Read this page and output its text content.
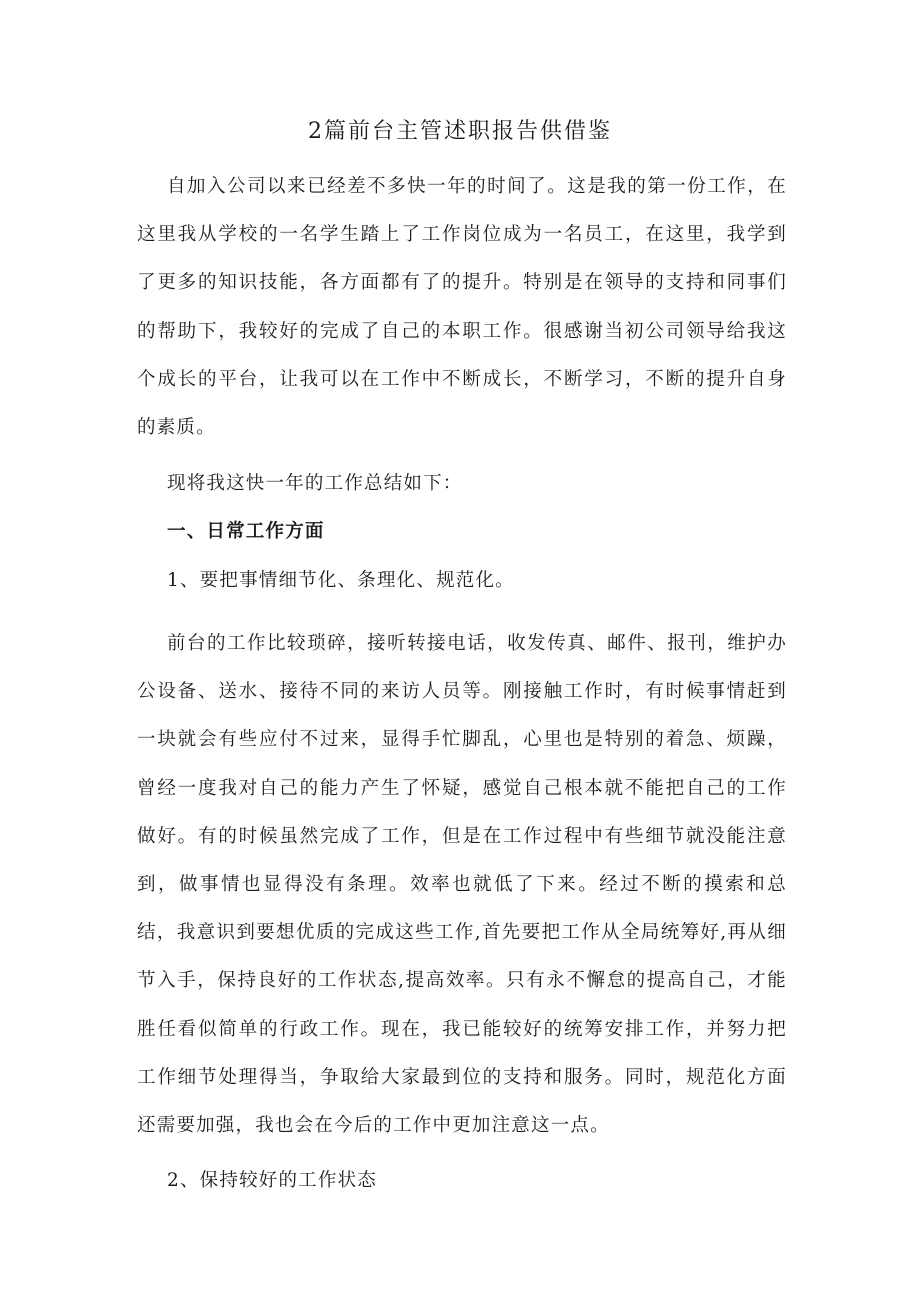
2篇前台主管述职报告供借鉴

自加入公司以来已经差不多快一年的时间了。这是我的第一份工作，在这里我从学校的一名学生踏上了工作岗位成为一名员工，在这里，我学到了更多的知识技能，各方面都有了的提升。特别是在领导的支持和同事们的帮助下，我较好的完成了自己的本职工作。很感谢当初公司领导给我这个成长的平台，让我可以在工作中不断成长，不断学习，不断的提升自身的素质。

现将我这快一年的工作总结如下：

一、日常工作方面

1、要把事情细节化、条理化、规范化。

前台的工作比较琐碎，接听转接电话，收发传真、邮件、报刊，维护办公设备、送水、接待不同的来访人员等。刚接触工作时，有时候事情赶到一块就会有些应付不过来，显得手忙脚乱，心里也是特别的着急、烦躁，曾经一度我对自己的能力产生了怀疑，感觉自己根本就不能把自己的工作做好。有的时候虽然完成了工作，但是在工作过程中有些细节就没能注意到，做事情也显得没有条理。效率也就低了下来。经过不断的摸索和总结，我意识到要想优质的完成这些工作,首先要把工作从全局统筹好,再从细节入手，保持良好的工作状态,提高效率。只有永不懈怠的提高自己，才能胜任看似简单的行政工作。现在，我已能较好的统筹安排工作，并努力把工作细节处理得当，争取给大家最到位的支持和服务。同时，规范化方面还需要加强，我也会在今后的工作中更加注意这一点。

2、保持较好的工作状态
